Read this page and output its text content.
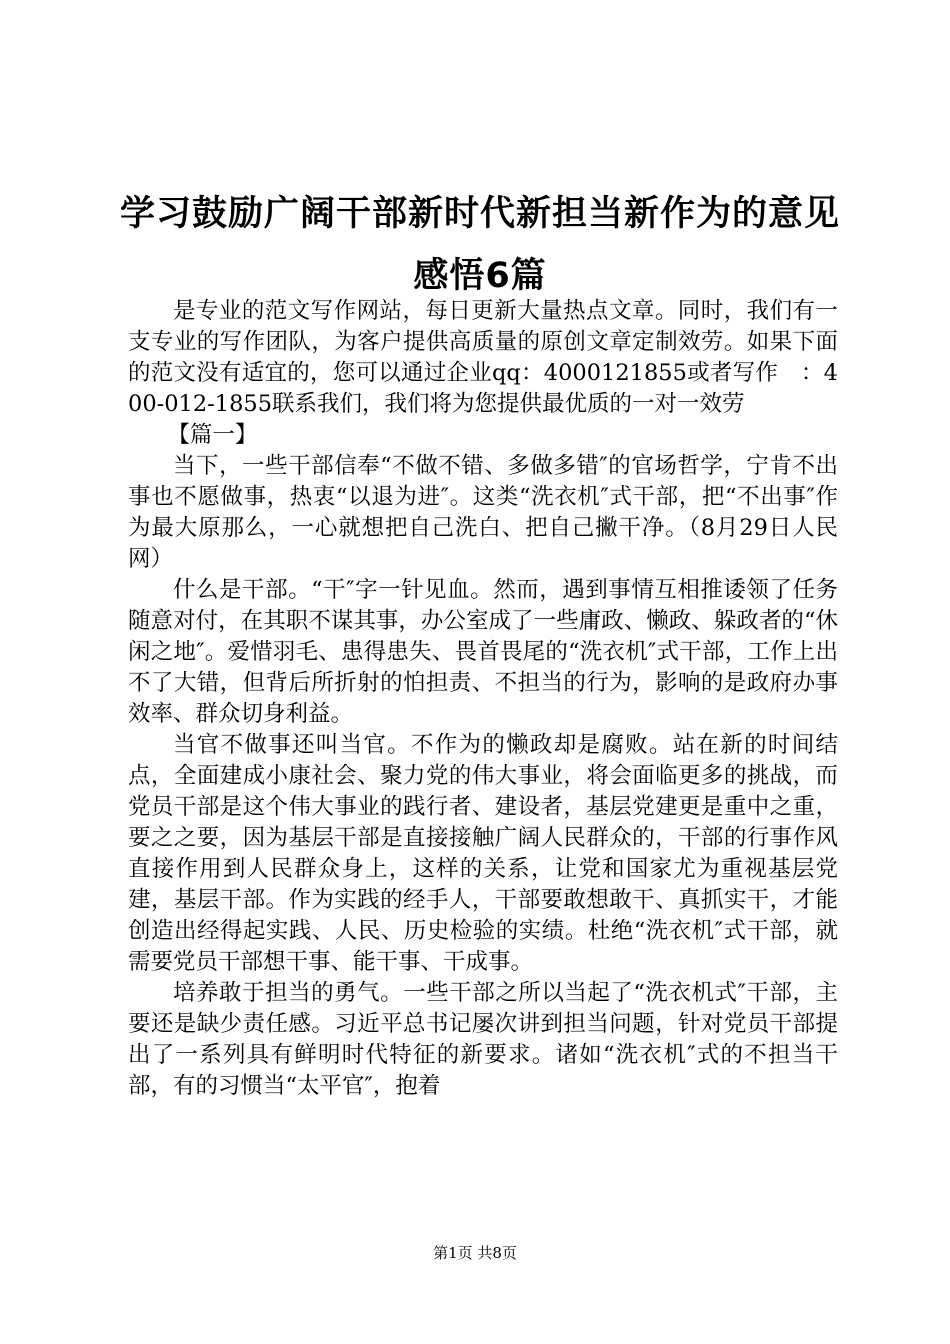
学习鼓励广阔干部新时代新担当新作为的意见
感悟6篇

是专业的范文写作网站，每日更新大量热点文章。同时，我们有一支专业的写作团队，为客户提供高质量的原创文章定制效劳。如果下面的范文没有适宜的，您可以通过企业qq：4000121855或者写作　：400-012-1855联系我们，我们将为您提供最优质的一对一效劳

【篇一】

当下，一些干部信奉“不做不错、多做多错″的官场哲学，宁肯不出事也不愿做事，热衷“以退为进″。这类“洗衣机″式干部，把“不出事″作为最大原那么，一心就想把自己洗白、把自己撇干净。（8月29日人民网）

什么是干部。“干″字一针见血。然而，遇到事情互相推诿领了任务随意对付，在其职不谋其事，办公室成了一些庸政、懒政、躲政者的“休闲之地″。爱惜羽毛、患得患失、畏首畏尾的“洗衣机″式干部，工作上出不了大错，但背后所折射的怕担责、不担当的行为，影响的是政府办事效率、群众切身利益。

当官不做事还叫当官。不作为的懒政却是腐败。站在新的时间结点，全面建成小康社会、聚力党的伟大事业，将会面临更多的挑战，而党员干部是这个伟大事业的践行者、建设者，基层党建更是重中之重，要之之要，因为基层干部是直接接触广阔人民群众的，干部的行事作风直接作用到人民群众身上，这样的关系，让党和国家尤为重视基层党建，基层干部。作为实践的经手人，干部要敢想敢干、真抓实干，才能创造出经得起实践、人民、历史检验的实绩。杜绝“洗衣机″式干部，就需要党员干部想干事、能干事、干成事。

培养敢于担当的勇气。一些干部之所以当起了“洗衣机式″干部，主要还是缺少责任感。习近平总书记屡次讲到担当问题，针对党员干部提出了一系列具有鲜明时代特征的新要求。诸如“洗衣机″式的不担当干部，有的习惯当“太平官″，抱着

第1页 共8页
